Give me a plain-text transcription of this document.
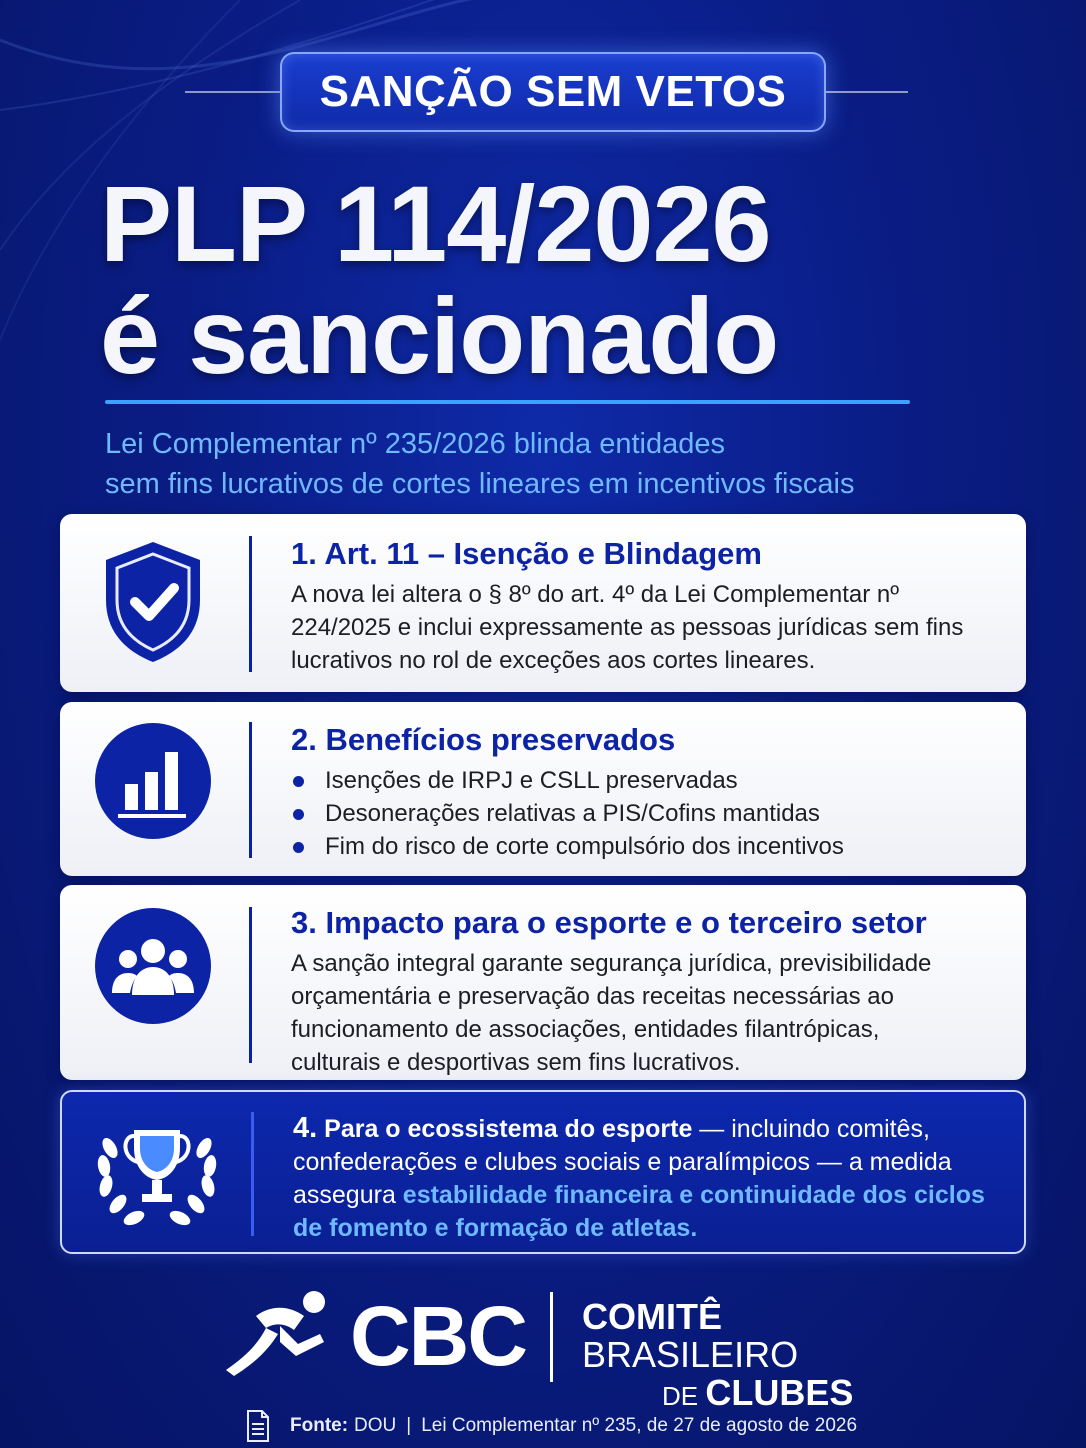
SANÇÃO SEM VETOS
PLP 114/2026
é sancionado
Lei Complementar nº 235/2026 blinda entidades
sem fins lucrativos de cortes lineares em incentivos fiscais
1. Art. 11 – Isenção e Blindagem
A nova lei altera o § 8º do art. 4º da Lei Complementar nº 224/2025 e inclui expressamente as pessoas jurídicas sem fins lucrativos no rol de exceções aos cortes lineares.
2. Benefícios preservados
Isenções de IRPJ e CSLL preservadas
Desonerações relativas a PIS/Cofins mantidas
Fim do risco de corte compulsório dos incentivos
3. Impacto para o esporte e o terceiro setor
A sanção integral garante segurança jurídica, previsibilidade orçamentária e preservação das receitas necessárias ao funcionamento de associações, entidades filantrópicas, culturais e desportivas sem fins lucrativos.
4. Para o ecossistema do esporte — incluindo comitês, confederações e clubes sociais e paralímpicos — a medida assegura estabilidade financeira e continuidade dos ciclos de fomento e formação de atletas.
CBC COMITÊ BRASILEIRO
DE CLUBES
Fonte: DOU | Lei Complementar nº 235, de 27 de agosto de 2026
